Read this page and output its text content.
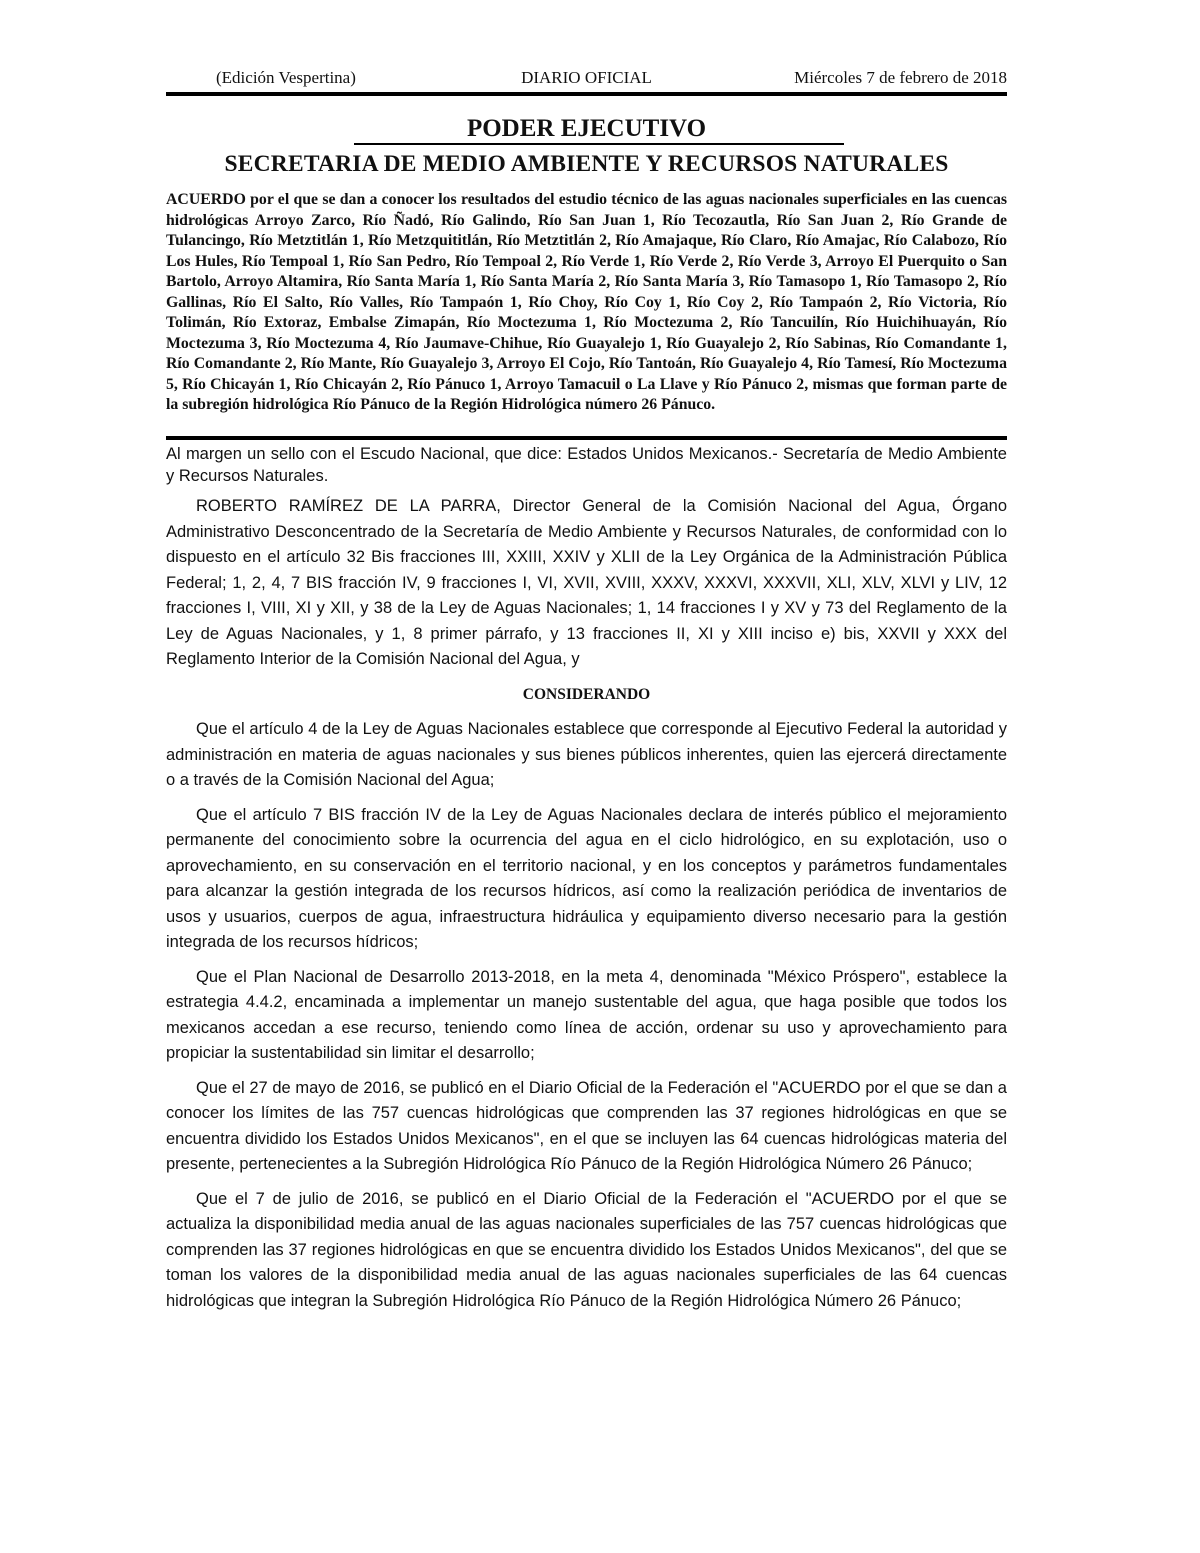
(Edición Vespertina)	DIARIO OFICIAL	Miércoles 7 de febrero de 2018
PODER EJECUTIVO
SECRETARIA DE MEDIO AMBIENTE Y RECURSOS NATURALES
ACUERDO por el que se dan a conocer los resultados del estudio técnico de las aguas nacionales superficiales en las cuencas hidrológicas Arroyo Zarco, Río Ñadó, Río Galindo, Río San Juan 1, Río Tecozautla, Río San Juan 2, Río Grande de Tulancingo, Río Metztitlán 1, Río Metzquititlán, Río Metztitlán 2, Río Amajaque, Río Claro, Río Amajac, Río Calabozo, Río Los Hules, Río Tempoal 1, Río San Pedro, Río Tempoal 2, Río Verde 1, Río Verde 2, Río Verde 3, Arroyo El Puerquito o San Bartolo, Arroyo Altamira, Río Santa María 1, Río Santa María 2, Río Santa María 3, Río Tamasopo 1, Río Tamasopo 2, Río Gallinas, Río El Salto, Río Valles, Río Tampaón 1, Río Choy, Río Coy 1, Río Coy 2, Río Tampaón 2, Río Victoria, Río Tolimán, Río Extoraz, Embalse Zimapán, Río Moctezuma 1, Río Moctezuma 2, Río Tancuilín, Río Huichihuayán, Río Moctezuma 3, Río Moctezuma 4, Río Jaumave-Chihue, Río Guayalejo 1, Río Guayalejo 2, Río Sabinas, Río Comandante 1, Río Comandante 2, Río Mante, Río Guayalejo 3, Arroyo El Cojo, Río Tantoán, Río Guayalejo 4, Río Tamesí, Río Moctezuma 5, Río Chicayán 1, Río Chicayán 2, Río Pánuco 1, Arroyo Tamacuil o La Llave y Río Pánuco 2, mismas que forman parte de la subregión hidrológica Río Pánuco de la Región Hidrológica número 26 Pánuco.

Al margen un sello con el Escudo Nacional, que dice: Estados Unidos Mexicanos.- Secretaría de Medio Ambiente y Recursos Naturales.

ROBERTO RAMÍREZ DE LA PARRA, Director General de la Comisión Nacional del Agua, Órgano Administrativo Desconcentrado de la Secretaría de Medio Ambiente y Recursos Naturales, de conformidad con lo dispuesto en el artículo 32 Bis fracciones III, XXIII, XXIV y XLII de la Ley Orgánica de la Administración Pública Federal; 1, 2, 4, 7 BIS fracción IV, 9 fracciones I, VI, XVII, XVIII, XXXV, XXXVI, XXXVII, XLI, XLV, XLVI y LIV, 12 fracciones I, VIII, XI y XII, y 38 de la Ley de Aguas Nacionales; 1, 14 fracciones I y XV y 73 del Reglamento de la Ley de Aguas Nacionales, y 1, 8 primer párrafo, y 13 fracciones II, XI y XIII inciso e) bis, XXVII y XXX del Reglamento Interior de la Comisión Nacional del Agua, y

CONSIDERANDO

Que el artículo 4 de la Ley de Aguas Nacionales establece que corresponde al Ejecutivo Federal la autoridad y administración en materia de aguas nacionales y sus bienes públicos inherentes, quien las ejercerá directamente o a través de la Comisión Nacional del Agua;

Que el artículo 7 BIS fracción IV de la Ley de Aguas Nacionales declara de interés público el mejoramiento permanente del conocimiento sobre la ocurrencia del agua en el ciclo hidrológico, en su explotación, uso o aprovechamiento, en su conservación en el territorio nacional, y en los conceptos y parámetros fundamentales para alcanzar la gestión integrada de los recursos hídricos, así como la realización periódica de inventarios de usos y usuarios, cuerpos de agua, infraestructura hidráulica y equipamiento diverso necesario para la gestión integrada de los recursos hídricos;

Que el Plan Nacional de Desarrollo 2013-2018, en la meta 4, denominada "México Próspero", establece la estrategia 4.4.2, encaminada a implementar un manejo sustentable del agua, que haga posible que todos los mexicanos accedan a ese recurso, teniendo como línea de acción, ordenar su uso y aprovechamiento para propiciar la sustentabilidad sin limitar el desarrollo;

Que el 27 de mayo de 2016, se publicó en el Diario Oficial de la Federación el "ACUERDO por el que se dan a conocer los límites de las 757 cuencas hidrológicas que comprenden las 37 regiones hidrológicas en que se encuentra dividido los Estados Unidos Mexicanos", en el que se incluyen las 64 cuencas hidrológicas materia del presente, pertenecientes a la Subregión Hidrológica Río Pánuco de la Región Hidrológica Número 26 Pánuco;

Que el 7 de julio de 2016, se publicó en el Diario Oficial de la Federación el "ACUERDO por el que se actualiza la disponibilidad media anual de las aguas nacionales superficiales de las 757 cuencas hidrológicas que comprenden las 37 regiones hidrológicas en que se encuentra dividido los Estados Unidos Mexicanos", del que se toman los valores de la disponibilidad media anual de las aguas nacionales superficiales de las 64 cuencas hidrológicas que integran la Subregión Hidrológica Río Pánuco de la Región Hidrológica Número 26 Pánuco;
